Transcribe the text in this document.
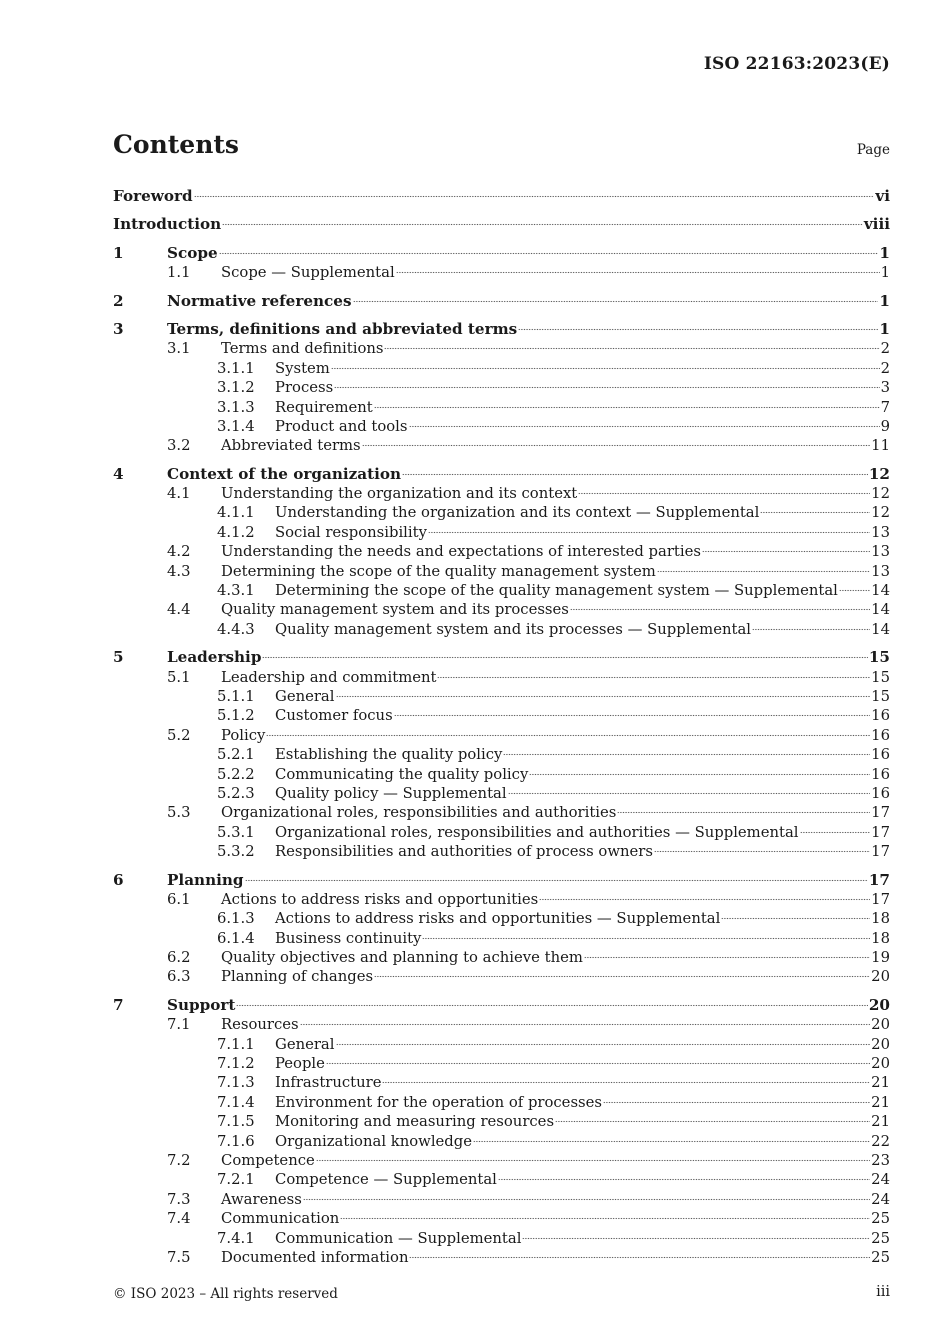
ISO 22163:2023(E)
Contents	Page
Foreword	vi
Introduction	viii
1	Scope	1
1.1 Scope — Supplemental	1
2	Normative references	1
3	Terms, definitions and abbreviated terms	1
3.1 Terms and definitions	2
3.1.1 System	2
3.1.2 Process	3
3.1.3 Requirement	7
3.1.4 Product and tools	9
3.2 Abbreviated terms	11
4	Context of the organization	12
4.1 Understanding the organization and its context	12
4.1.1 Understanding the organization and its context — Supplemental	12
4.1.2 Social responsibility	13
4.2 Understanding the needs and expectations of interested parties	13
4.3 Determining the scope of the quality management system	13
4.3.1 Determining the scope of the quality management system — Supplemental 14
4.4 Quality management system and its processes	14
4.4.3 Quality management system and its processes — Supplemental	14
5	Leadership	15
5.1 Leadership and commitment	15
5.1.1 General	15
5.1.2 Customer focus	16
5.2 Policy	16
5.2.1 Establishing the quality policy	16
5.2.2 Communicating the quality policy	16
5.2.3 Quality policy — Supplemental	16
5.3 Organizational roles, responsibilities and authorities	17
5.3.1 Organizational roles, responsibilities and authorities — Supplemental	17
5.3.2 Responsibilities and authorities of process owners	17
6	Planning	17
6.1 Actions to address risks and opportunities	17
6.1.3 Actions to address risks and opportunities — Supplemental	18
6.1.4 Business continuity	18
6.2 Quality objectives and planning to achieve them	19
6.3 Planning of changes	20
7	Support	20
7.1 Resources	20
7.1.1 General	20
7.1.2 People	20
7.1.3 Infrastructure	21
7.1.4 Environment for the operation of processes	21
7.1.5 Monitoring and measuring resources	21
7.1.6 Organizational knowledge	22
7.2 Competence	23
7.2.1 Competence — Supplemental	24
7.3 Awareness	24
7.4 Communication	25
7.4.1 Communication — Supplemental	25
7.5 Documented information	25
© ISO 2023 – All rights reserved	iii
